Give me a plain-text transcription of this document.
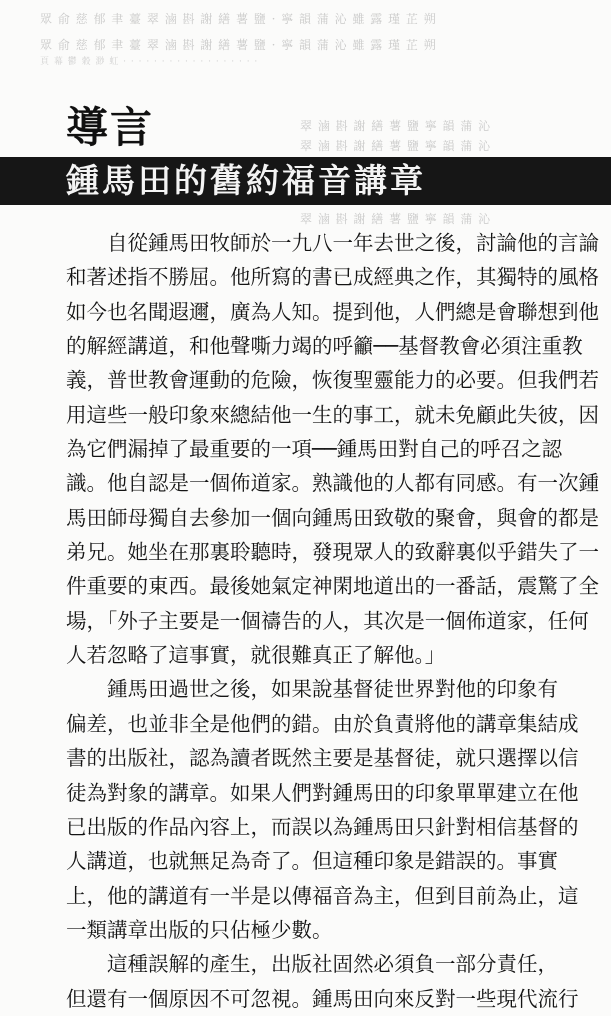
眾 俞 慈 郁 聿 薹 翠 滷 斟 謝 繕 薯 鹽 · 寧 韻 蒲 沁 雖 露 瑾 芷 朔
眾 俞 慈 郁 聿 薹 翠 滷 斟 謝 繕 薯 鹽 · 寧 韻 蒲 沁 雖 露 瑾 芷 朔
頁 幕 鬱 穀 渺 虹 · · · · · · · · · · · · · · · · · ·
翠 滷 斟 謝 繕 薯 鹽 寧 韻 蒲 沁
翠 滷 斟 謝 繕 薯 鹽 寧 韻 蒲 沁
翠 滷 斟 謝 繕 薯 鹽 寧 韻 蒲 沁
導言
鍾馬田的舊約福音講章
自從鍾馬田牧師於一九八一年去世之後，討論他的言論
和著述指不勝屈。他所寫的書已成經典之作，其獨特的風格
如今也名聞遐邇，廣為人知。提到他，人們總是會聯想到他
的解經講道，和他聲嘶力竭的呼籲──基督教會必須注重教
義，普世教會運動的危險，恢復聖靈能力的必要。但我們若
用這些一般印象來總結他一生的事工，就未免顧此失彼，因
為它們漏掉了最重要的一項──鍾馬田對自己的呼召之認
識。他自認是一個佈道家。熟識他的人都有同感。有一次鍾
馬田師母獨自去參加一個向鍾馬田致敬的聚會，與會的都是
弟兄。她坐在那裏聆聽時，發現眾人的致辭裏似乎錯失了一
件重要的東西。最後她氣定神閑地道出的一番話，震驚了全
場，「外子主要是一個禱告的人，其次是一個佈道家，任何
人若忽略了這事實，就很難真正了解他。」
鍾馬田過世之後，如果說基督徒世界對他的印象有
偏差，也並非全是他們的錯。由於負責將他的講章集結成
書的出版社，認為讀者既然主要是基督徒，就只選擇以信
徒為對象的講章。如果人們對鍾馬田的印象單單建立在他
已出版的作品內容上，而誤以為鍾馬田只針對相信基督的
人講道，也就無足為奇了。但這種印象是錯誤的。事實
上，他的講道有一半是以傳福音為主，但到目前為止，這
一類講章出版的只佔極少數。
這種誤解的產生，出版社固然必須負一部分責任，
但還有一個原因不可忽視。鍾馬田向來反對一些現代流行
